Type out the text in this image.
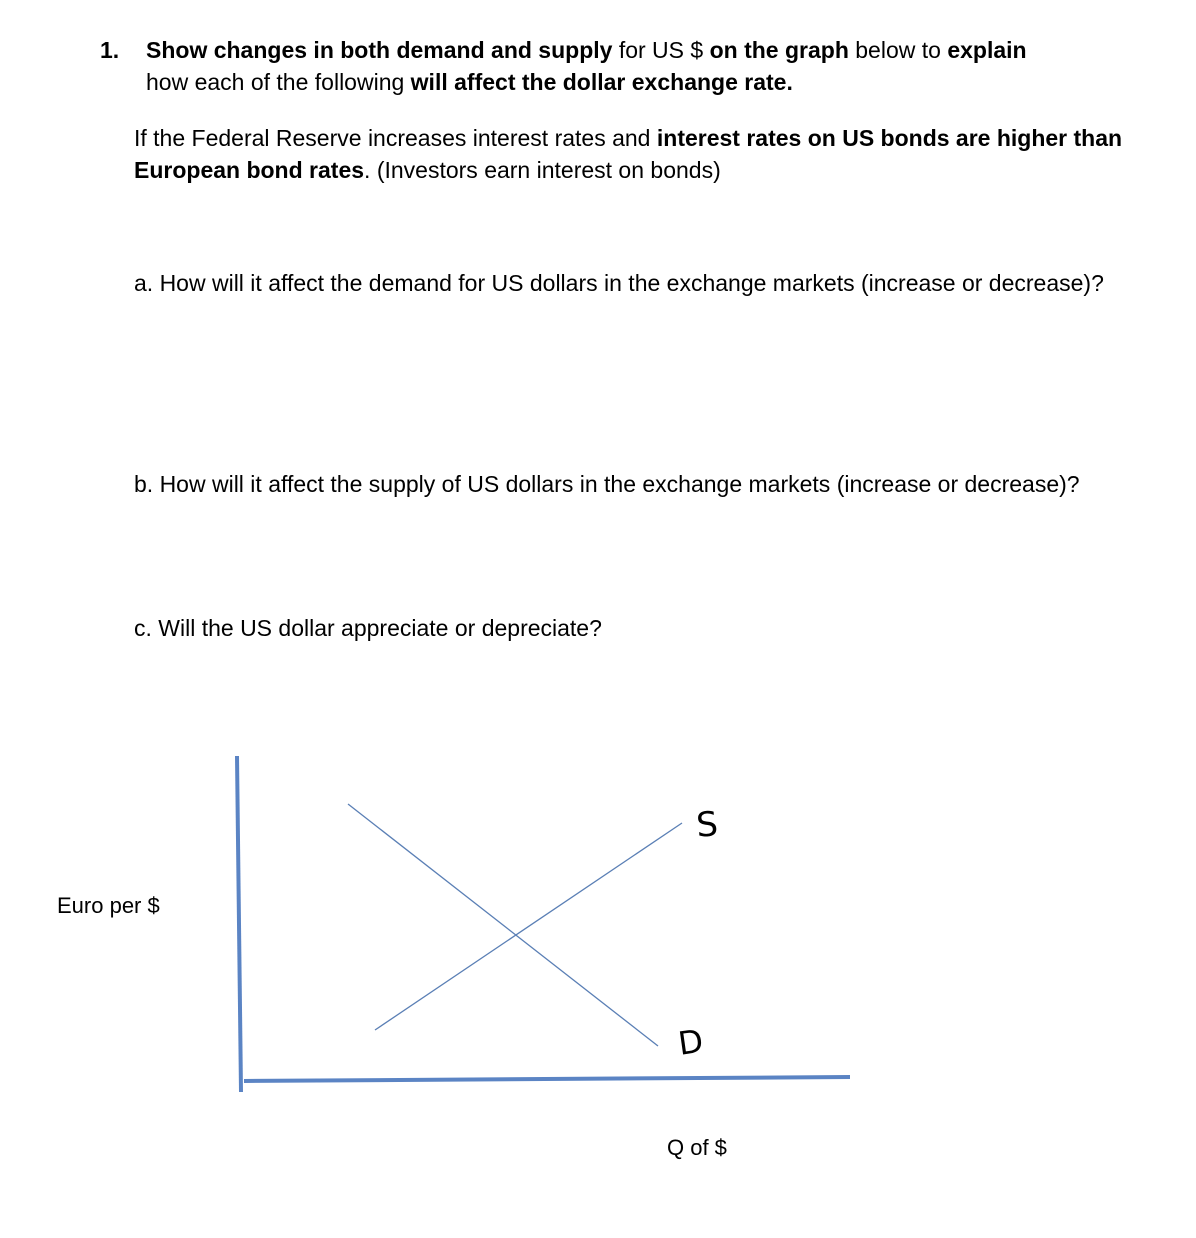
1. Show changes in both demand and supply for US $ on the graph below to explain
how each of the following will affect the dollar exchange rate.
If the Federal Reserve increases interest rates and interest rates on US bonds are higher than European bond rates. (Investors earn interest on bonds)
a. How will it affect the demand for US dollars in the exchange markets (increase or decrease)?
b. How will it affect the supply of US dollars in the exchange markets (increase or decrease)?
c. Will the US dollar appreciate or depreciate?
S
D
Euro per $
Q of $
